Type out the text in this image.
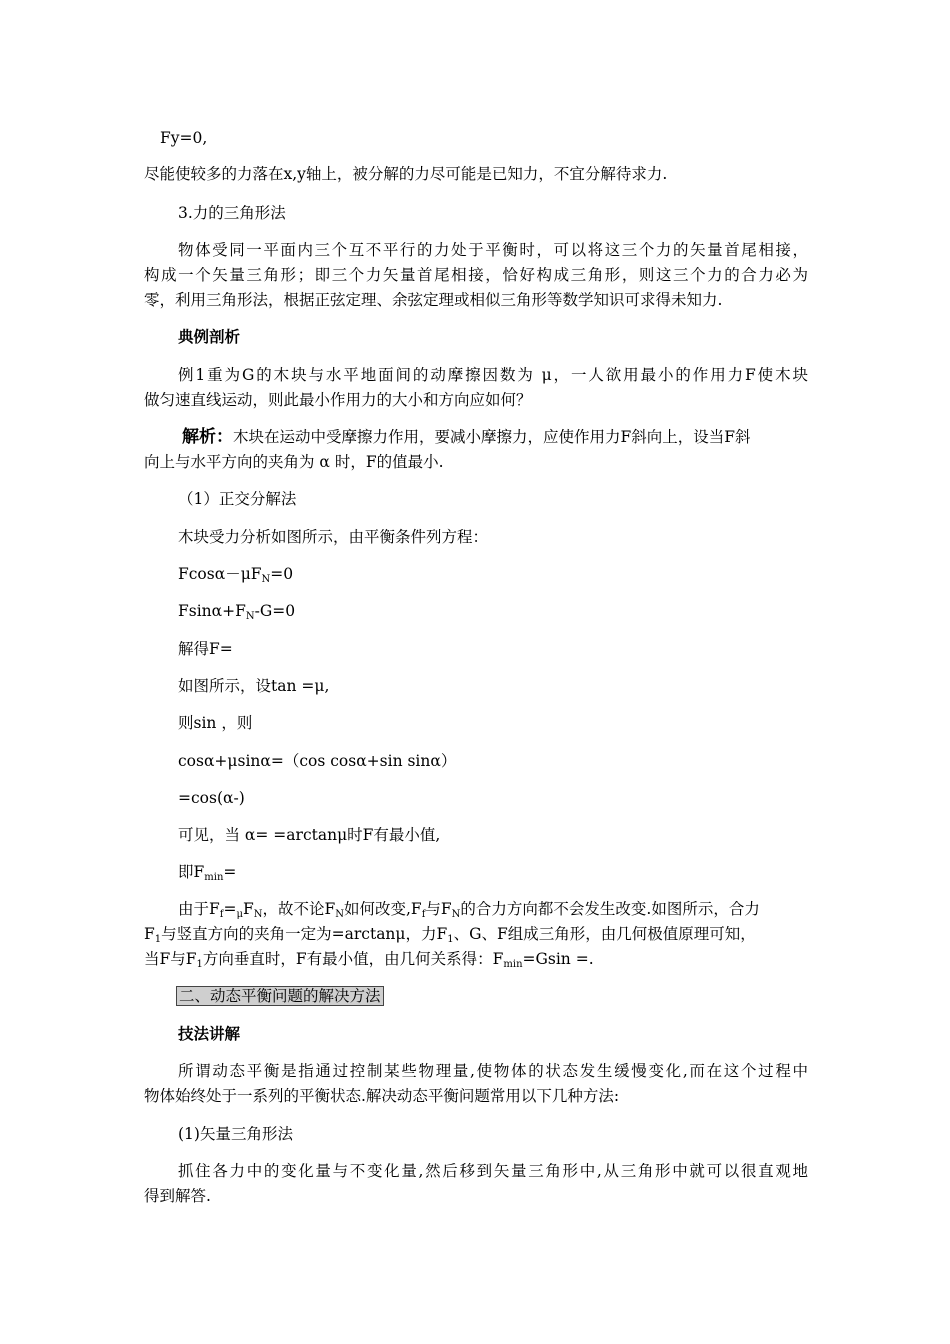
Fy=0,
尽能使较多的力落在x,y轴上，被分解的力尽可能是已知力，不宜分解待求力.
3.力的三角形法
物体受同一平面内三个互不平行的力处于平衡时，可以将这三个力的矢量首尾相接，
构成一个矢量三角形；即三个力矢量首尾相接，恰好构成三角形，则这三个力的合力必为
零，利用三角形法，根据正弦定理、余弦定理或相似三角形等数学知识可求得未知力.
典例剖析
例1重为G的木块与水平地面间的动摩擦因数为 μ，一人欲用最小的作用力F使木块
做匀速直线运动，则此最小作用力的大小和方向应如何？
解析：木块在运动中受摩擦力作用，要减小摩擦力，应使作用力F斜向上，设当F斜
向上与水平方向的夹角为 α 时，F的值最小.
（1）正交分解法
木块受力分析如图所示，由平衡条件列方程：
$Fcos\alpha-\mu F_N=0$
$Fsin\alpha+F_N-G=0$
解得F=
如图所示，设tan =μ,
则sin ，则
cosα+μsinα=（cos cosα+sin sinα）
=cos(α-)
可见，当 α= =arctanμ时F有最小值,
即$F_{min}=$
由于$F_f=_\mu F_N$，故不论$F_N$如何改变$,F_f$与$F_N$的合力方向都不会发生改变.如图所示，合力
$F_1$与竖直方向的夹角一定为=arctanμ，力$F_1$、G、F组成三角形，由几何极值原理可知，
当F与$F_1$方向垂直时，F有最小值，由几何关系得：$F_{min}=Gsin$ =.
二、动态平衡问题的解决方法
技法讲解
所谓动态平衡是指通过控制某些物理量,使物体的状态发生缓慢变化,而在这个过程中
物体始终处于一系列的平衡状态.解决动态平衡问题常用以下几种方法:
(1)矢量三角形法
抓住各力中的变化量与不变化量,然后移到矢量三角形中,从三角形中就可以很直观地
得到解答.
